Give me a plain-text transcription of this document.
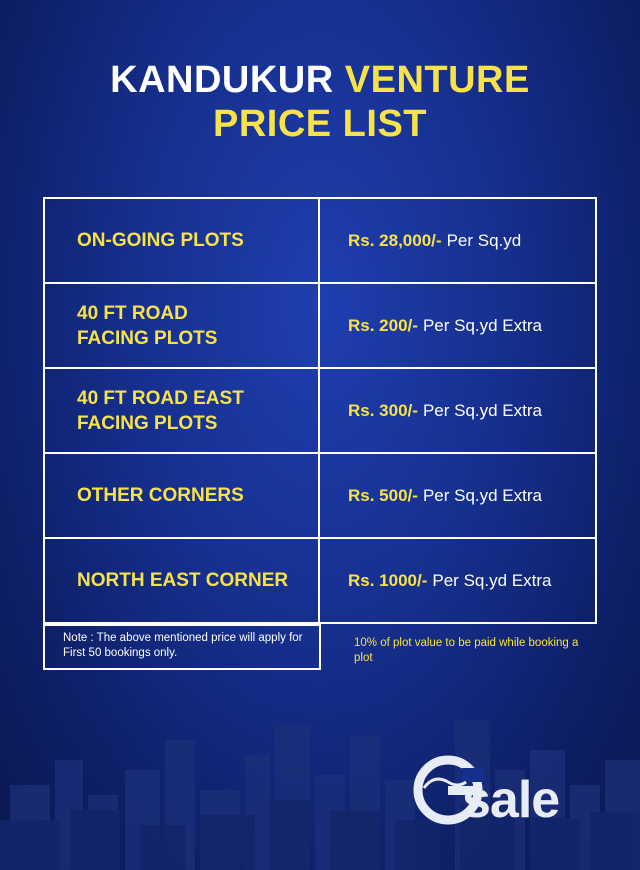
KANDUKUR VENTURE
PRICE LIST
ON-GOING PLOTS	Rs. 28,000/- Per Sq.yd
40 FT ROAD
FACING PLOTS
Rs. 200/- Per Sq.yd Extra
40 FT ROAD EAST
FACING PLOTS
Rs. 300/- Per Sq.yd Extra
OTHER CORNERS	Rs. 500/- Per Sq.yd Extra
NORTH EAST CORNER	Rs. 1000/- Per Sq.yd Extra
Note : The above mentioned price will apply for First 50 bookings only.
10% of plot value to be paid while booking a plot
sale
